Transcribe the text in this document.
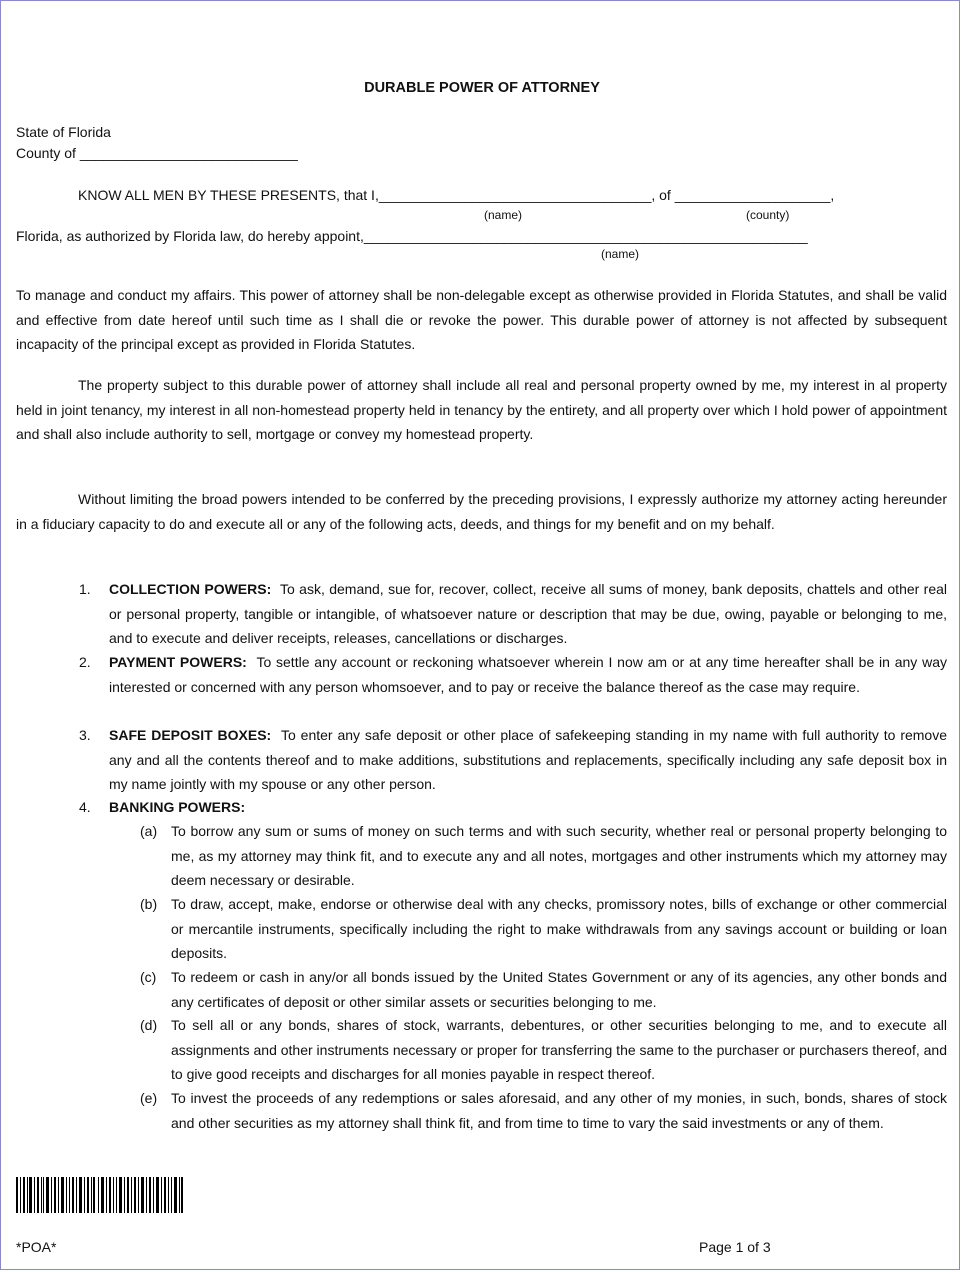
DURABLE POWER OF ATTORNEY
State of Florida
County of ____________________________
KNOW ALL MEN BY THESE PRESENTS, that I,___________________________________, of ____________________,
(name)	(county)
Florida, as authorized by Florida law, do hereby appoint,_________________________________________________________
(name)
To manage and conduct my affairs. This power of attorney shall be non-delegable except as otherwise provided in Florida Statutes, and shall be valid and effective from date hereof until such time as I shall die or revoke the power. This durable power of attorney is not affected by subsequent incapacity of the principal except as provided in Florida Statutes.
The property subject to this durable power of attorney shall include all real and personal property owned by me, my interest in al property held in joint tenancy, my interest in all non-homestead property held in tenancy by the entirety, and all property over which I hold power of appointment and shall also include authority to sell, mortgage or convey my homestead property.
Without limiting the broad powers intended to be conferred by the preceding provisions, I expressly authorize my attorney acting hereunder in a fiduciary capacity to do and execute all or any of the following acts, deeds, and things for my benefit and on my behalf.
1. COLLECTION POWERS: To ask, demand, sue for, recover, collect, receive all sums of money, bank deposits, chattels and other real or personal property, tangible or intangible, of whatsoever nature or description that may be due, owing, payable or belonging to me, and to execute and deliver receipts, releases, cancellations or discharges.
2. PAYMENT POWERS: To settle any account or reckoning whatsoever wherein I now am or at any time hereafter shall be in any way interested or concerned with any person whomsoever, and to pay or receive the balance thereof as the case may require.
3. SAFE DEPOSIT BOXES: To enter any safe deposit or other place of safekeeping standing in my name with full authority to remove any and all the contents thereof and to make additions, substitutions and replacements, specifically including any safe deposit box in my name jointly with my spouse or any other person.
4. BANKING POWERS:
(a) To borrow any sum or sums of money on such terms and with such security, whether real or personal property belonging to me, as my attorney may think fit, and to execute any and all notes, mortgages and other instruments which my attorney may deem necessary or desirable.
(b) To draw, accept, make, endorse or otherwise deal with any checks, promissory notes, bills of exchange or other commercial or mercantile instruments, specifically including the right to make withdrawals from any savings account or building or loan deposits.
(c) To redeem or cash in any/or all bonds issued by the United States Government or any of its agencies, any other bonds and any certificates of deposit or other similar assets or securities belonging to me.
(d) To sell all or any bonds, shares of stock, warrants, debentures, or other securities belonging to me, and to execute all assignments and other instruments necessary or proper for transferring the same to the purchaser or purchasers thereof, and to give good receipts and discharges for all monies payable in respect thereof.
(e) To invest the proceeds of any redemptions or sales aforesaid, and any other of my monies, in such, bonds, shares of stock and other securities as my attorney shall think fit, and from time to time to vary the said investments or any of them.
*POA*	Page 1 of 3
